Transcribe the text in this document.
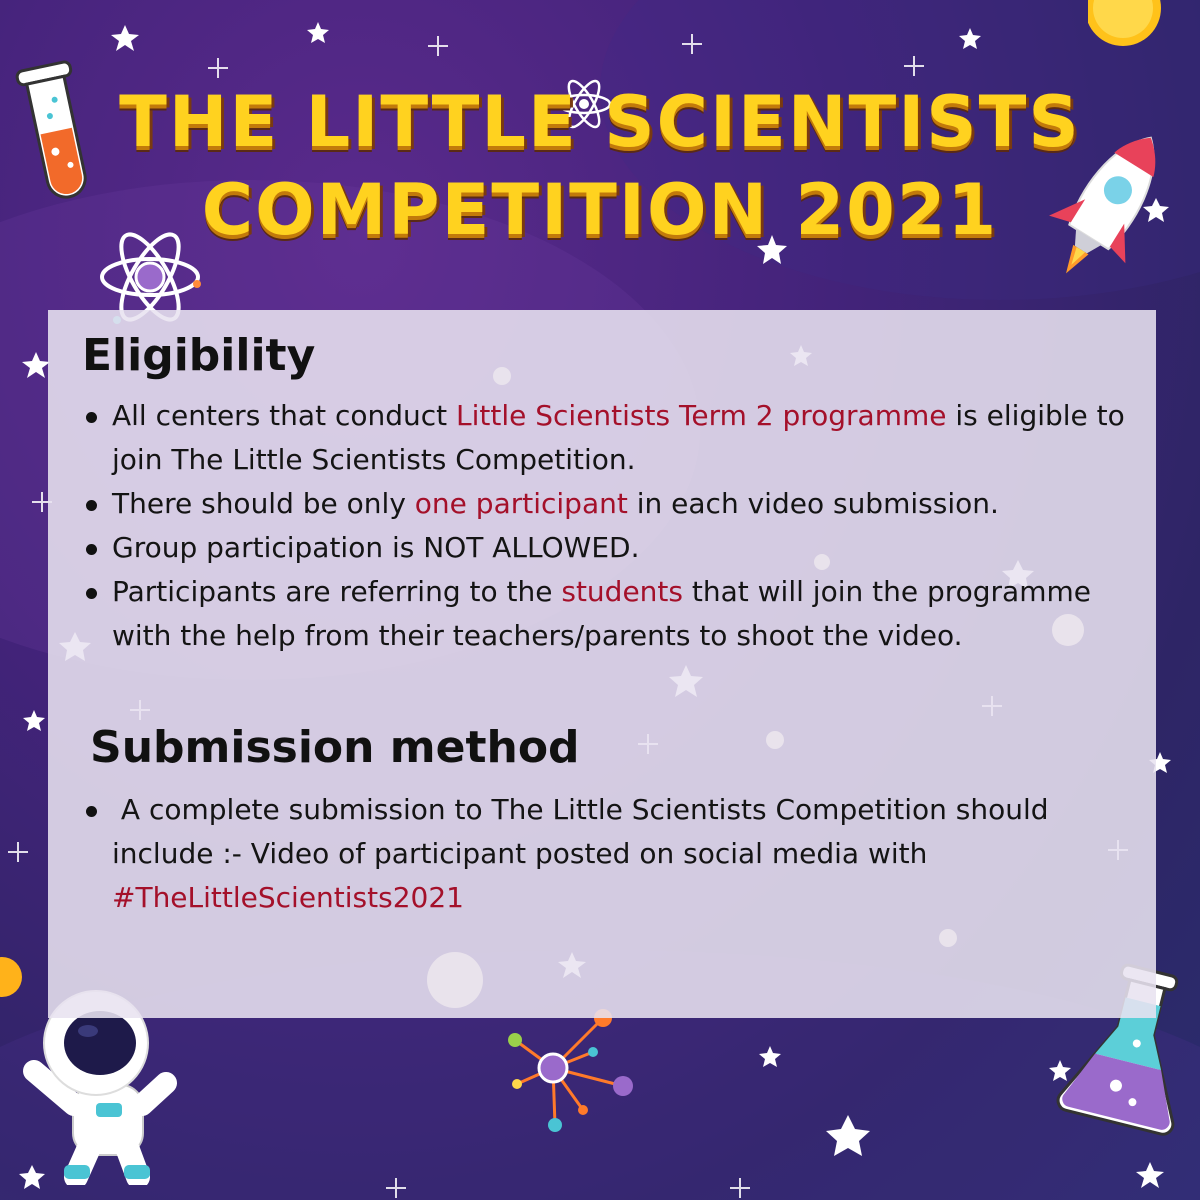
THE LITTLE SCIENTISTS
COMPETITION 2021
Eligibility
All centers that conduct Little Scientists Term 2 programme is eligible to join The Little Scientists Competition.
There should be only one participant in each video submission.
Group participation is NOT ALLOWED.
Participants are referring to the students that will join the programme with the help from their teachers/parents to shoot the video.
Submission method
A complete submission to The Little Scientists Competition should include :- Video of participant posted on social media with #TheLittleScientists2021
